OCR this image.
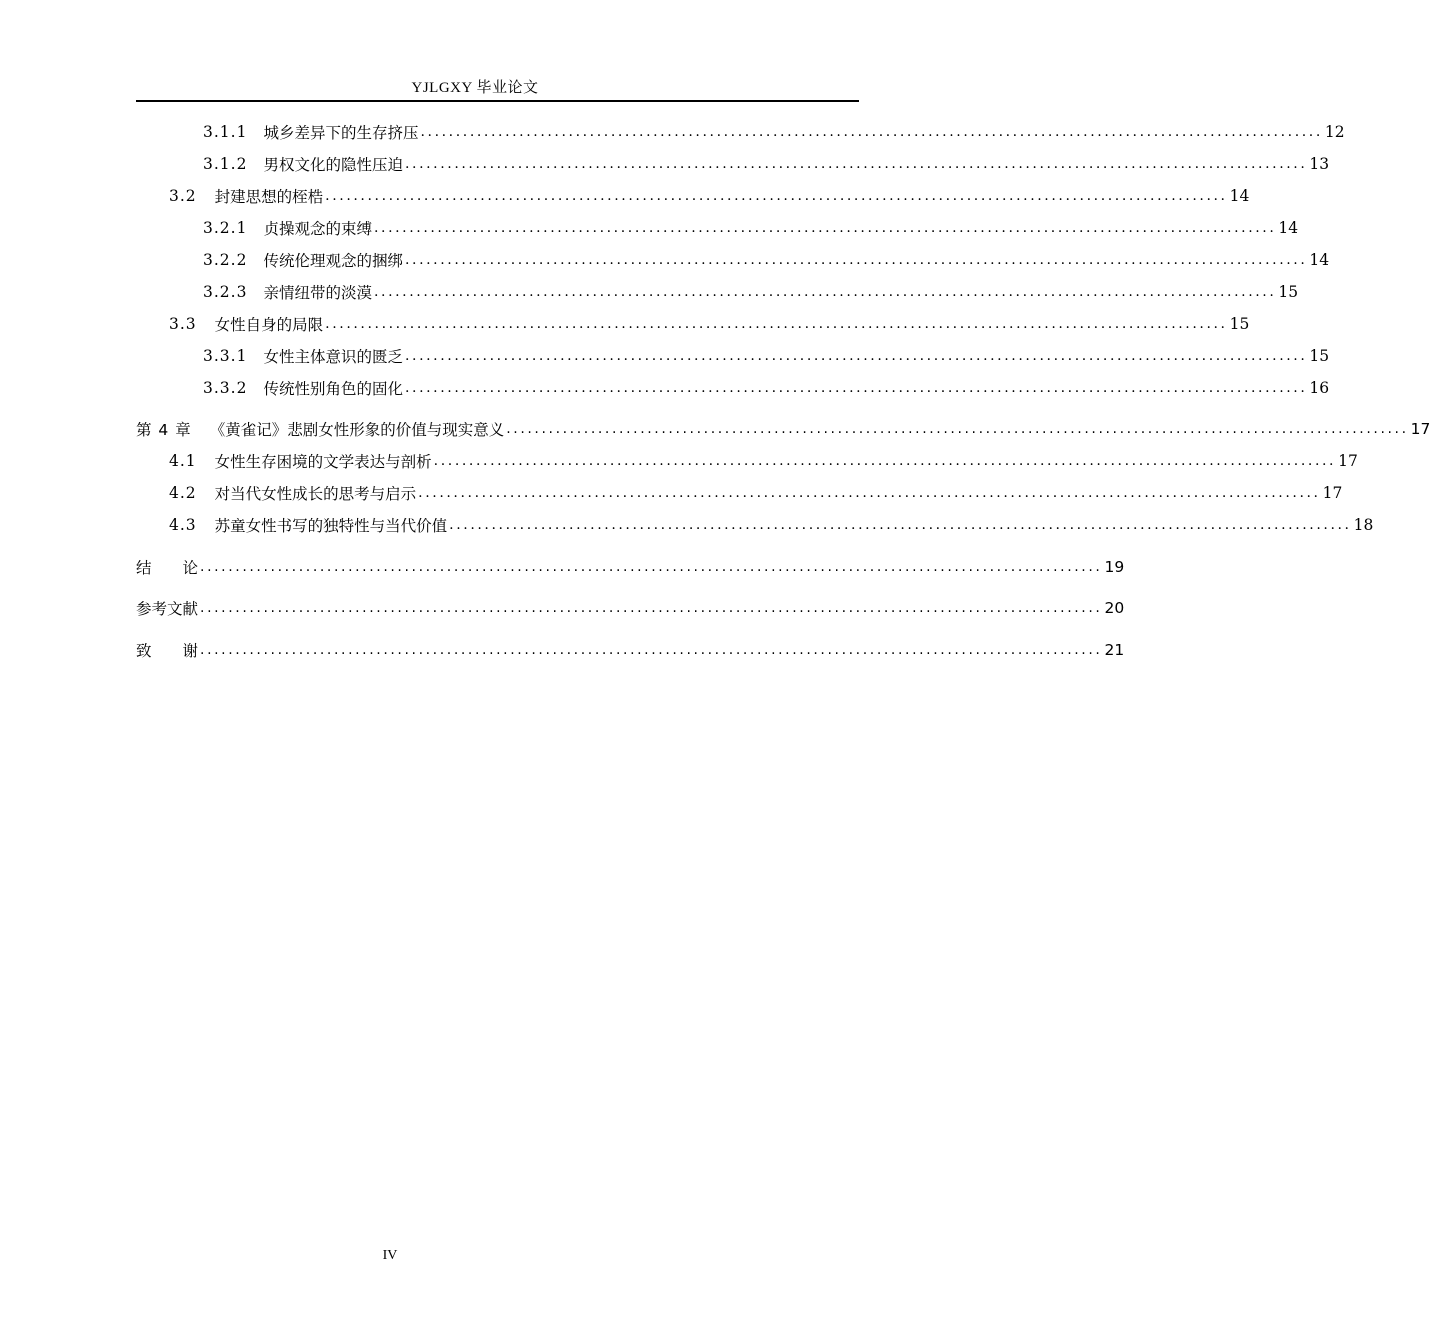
YJLGXY 毕业论文
3.1.1 城乡差异下的生存挤压 ................................................................................................................................ 12
3.1.2 男权文化的隐性压迫 ................................................................................................................................ 13
3.2 封建思想的桎梏 ................................................................................................................................ 14
3.2.1 贞操观念的束缚 ................................................................................................................................ 14
3.2.2 传统伦理观念的捆绑 ................................................................................................................................ 14
3.2.3 亲情纽带的淡漠 ................................................................................................................................ 15
3.3 女性自身的局限 ................................................................................................................................ 15
3.3.1 女性主体意识的匮乏 ................................................................................................................................ 15
3.3.2 传统性别角色的固化 ................................................................................................................................ 16
第 4 章 《黄雀记》悲剧女性形象的价值与现实意义 ................................................................................................................................ 17
4.1 女性生存困境的文学表达与剖析 ................................................................................................................................ 17
4.2 对当代女性成长的思考与启示 ................................................................................................................................ 17
4.3 苏童女性书写的独特性与当代价值 ................................................................................................................................ 18
结　　论 ................................................................................................................................ 19
参考文献 ................................................................................................................................ 20
致　　谢 ................................................................................................................................ 21
IV
